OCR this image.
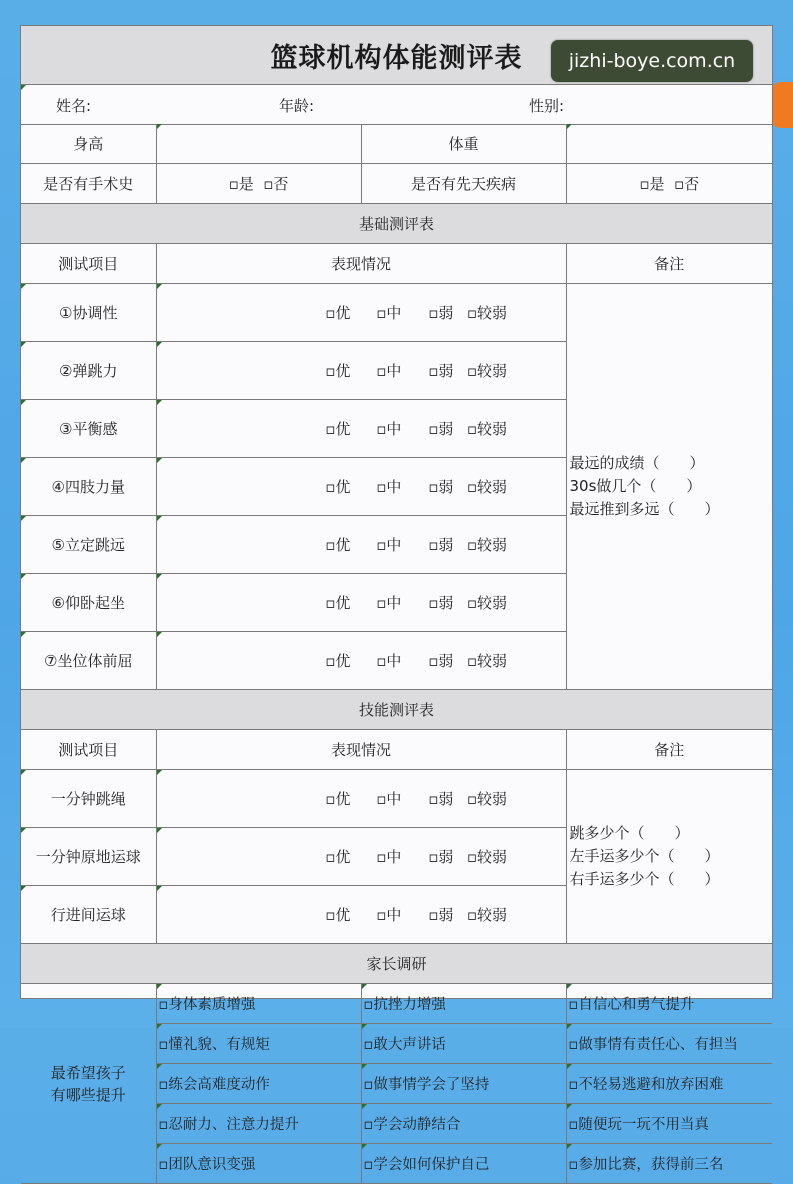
篮球机构体能测评表
姓名:	年龄:	性别:
身高		体重	
是否有手术史	▫是  ▫否	是否有先天疾病	▫是  ▫否
基础测评表			
测试项目	表现情况		备注
①协调性	▫优 ▫中 ▫弱 ▫较弱		最远的成绩（　　）
30s做几个（　　）
最远推到多远（　　）

②弹跳力	▫优 ▫中 ▫弱 ▫较弱		

③平衡感	▫优 ▫中 ▫弱 ▫较弱		

④四肢力量	▫优 ▫中 ▫弱 ▫较弱		

⑤立定跳远	▫优 ▫中 ▫弱 ▫较弱		

⑥仰卧起坐	▫优 ▫中 ▫弱 ▫较弱		

⑦坐位体前屈	▫优 ▫中 ▫弱 ▫较弱		

技能测评表			
测试项目	表现情况		备注
一分钟跳绳	▫优 ▫中 ▫弱 ▫较弱		跳多少个（　　）
左手运多少个（　　）
右手运多少个（　　）

一分钟原地运球	▫优 ▫中 ▫弱 ▫较弱		

行进间运球	▫优 ▫中 ▫弱 ▫较弱		

家长调研			

最希望孩子
有哪些提升	▫身体素质增强	▫抗挫力增强	▫自信心和勇气提升
	▫懂礼貌、有规矩	▫敢大声讲话	▫做事情有责任心、有担当
	▫练会高难度动作	▫做事情学会了坚持	▫不轻易逃避和放弃困难
	▫忍耐力、注意力提升	▫学会动静结合	▫随便玩一玩不用当真
	▫团队意识变强	▫学会如何保护自己	▫参加比赛，获得前三名
jizhi-boye.com.cn
